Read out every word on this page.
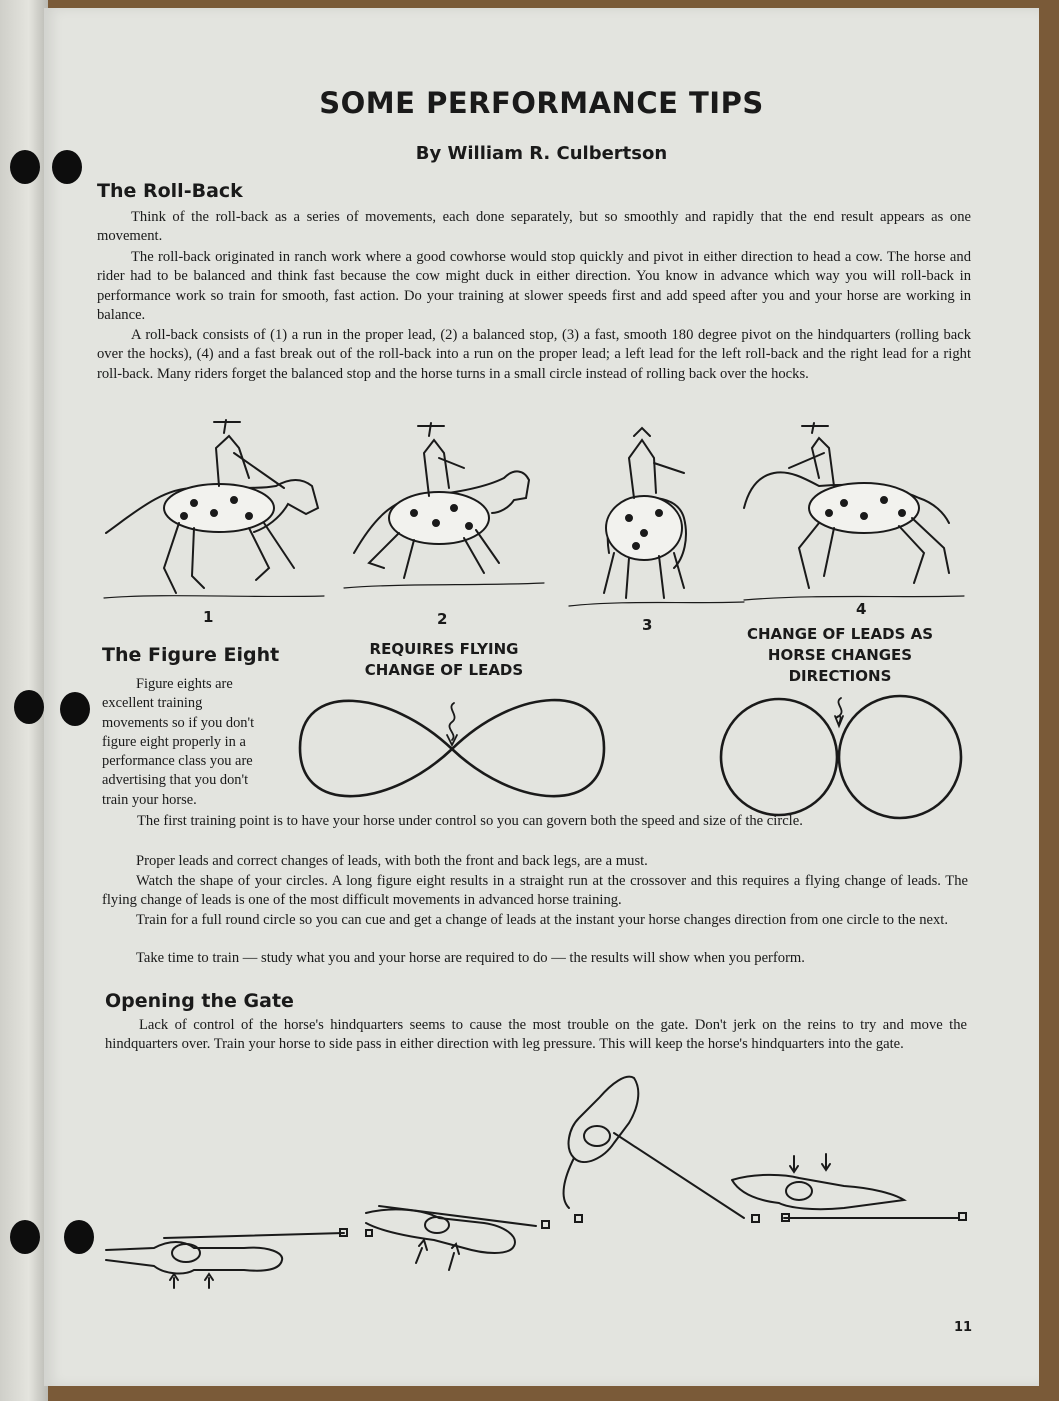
SOME PERFORMANCE TIPS
By William R. Culbertson
The Roll-Back

Think of the roll-back as a series of movements, each done separately, but so smoothly and rapidly that the end result appears as one movement.

The roll-back originated in ranch work where a good cowhorse would stop quickly and pivot in either direction to head a cow. The horse and rider had to be balanced and think fast because the cow might duck in either direction. You know in advance which way you will roll-back in performance work so train for smooth, fast action. Do your training at slower speeds first and add speed after you and your horse are working in balance.

A roll-back consists of (1) a run in the proper lead, (2) a balanced stop, (3) a fast, smooth 180 degree pivot on the hindquarters (rolling back over the hocks), (4) and a fast break out of the roll-back into a run on the proper lead; a left lead for the left roll-back and the right lead for a right roll-back. Many riders forget the balanced stop and the horse turns in a small circle instead of rolling back over the hocks.

1	2	3
4
The Figure Eight

Figure eights are excellent training movements so if you don't figure eight properly in a performance class you are advertising that you don't train your horse.

REQUIRES FLYING CHANGE OF LEADS
CHANGE OF LEADS AS HORSE CHANGES DIRECTIONS

The first training point is to have your horse under control so you can govern both the speed and size of the circle.

Proper leads and correct changes of leads, with both the front and back legs, are a must.

Watch the shape of your circles. A long figure eight results in a straight run at the crossover and this requires a flying change of leads. The flying change of leads is one of the most difficult movements in advanced horse training.

Train for a full round circle so you can cue and get a change of leads at the instant your horse changes direction from one circle to the next.

Take time to train — study what you and your horse are required to do — the results will show when you perform.

Opening the Gate

Lack of control of the horse's hindquarters seems to cause the most trouble on the gate. Don't jerk on the reins to try and move the hindquarters over. Train your horse to side pass in either direction with leg pressure. This will keep the horse's hindquarters into the gate.

11
